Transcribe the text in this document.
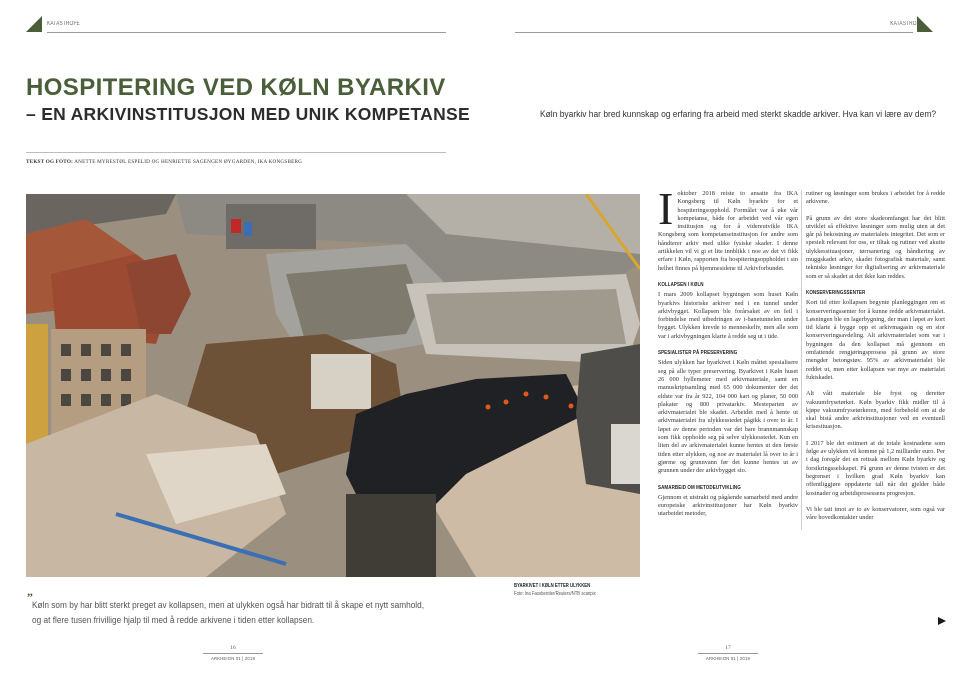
KATASTROFE
HOSPITERING VED KØLN BYARKIV
– EN ARKIVINSTITUSJON MED UNIK KOMPETANSE
TEKST OG FOTO: ANETTE MYRESTØL ESPELID OG HENRIETTE SAGENGEN ØYGARDEN, IKA KONGSBERG
„
Køln som by har blitt sterkt preget av kollapsen, men at ulykken også har bidratt til å skape et nytt samhold,
og at flere tusen frivillige hjalp til med å redde arkivene i tiden etter kollapsen.
16
ARKHEION 01 | 2019
KATASTROFE
Køln byarkiv har bred kunnskap og erfaring fra arbeid med sterkt skadde arkiver. Hva kan vi lære av dem?
BYARKIVET I KØLN ETTER ULYKKEN
Foto: Ina Fassbender/Reuters/NTB scanpix

I oktober 2018 reiste to ansatte fra IKA Kongsberg til Køln byarkiv for et hospiteringsopphold. Formålet var å øke vår kompetanse, både for arbeidet ved vår egen institusjon og for å videreutvikle IKA Kongsberg som kompetanseinstitusjon for andre som håndterer arkiv med ulike fysiske skader. I denne artikkelen vil vi gi et lite innblikk i noe av det vi fikk erfare i Køln, rapporten fra hospiteringsoppholdet i sin helhet finnes på hjemmesidene til Arkivforbundet.

KOLLAPSEN I KØLN

I mars 2009 kollapset bygningen som huset Køln byarkivs historiske arkiver ned i en tunnel under arkivbygget. Kollapsen ble forårsaket av en feil i forbindelse med utbedringen av t-banetunnelen under bygget. Ulykken krevde to menneskeliv, men alle som var i arkivbygningen klarte å redde seg ut i tide.

SPESIALISTER PÅ PRESERVERING

Siden ulykken har byarkivet i Køln måttet spesialisere seg på alle typer preservering. Byarkivet i Køln huset 26 000 hyllemeter med arkivmateriale, samt en manuskriptsamling med 65 000 dokumenter der det eldste var fra år 922, 104 000 kart og planer, 50 000 plakater og 800 privatarkiv. Mesteparten av arkivmaterialet ble skadet. Arbeidet med å hente ut arkivmaterialet fra ulykkesstedet pågikk i over to år. I løpet av denne perioden var det bare brannmannskap som fikk oppholde seg på selve ulykkesstedet. Kun en liten del av arkivmaterialet kunne hentes ut den første tiden etter ulykken, og noe av materialet lå over to år i gjørme og grunnvann før det kunne hentes ut av grunnen under der arkivbygget sto.

SAMARBEID OM METODEUTVIKLING

Gjennom et utstrakt og pågående samarbeid med andre europeiske arkivinstitusjoner har Køln byarkiv utarbeidet metoder,

rutiner og løsninger som brukes i arbeidet for å redde arkivene.

På grunn av det store skadeomfanget har det blitt utviklet så effektive løsninger som mulig uten at det går på bekostning av materialets integritet. Det som er spesielt relevant for oss, er tiltak og rutiner ved akutte ulykkessituasjoner, tørrsanering og håndtering av muggskadet arkiv, skadet fotografisk materiale, samt tekniske løsninger for digitalisering av arkivmateriale som er så skadet at det ikke kan reddes.

KONSERVERINGSSENTER

Kort tid etter kollapsen begynte planleggingen om et konserveringssenter for å kunne redde arkivmaterialet. Løsningen ble en lagerbygning, der man i løpet av kort tid klarte å bygge opp et arkivmagasin og en stor konserveringsavdeling. Alt arkivmaterialet som var i bygningen da den kollapset må gjennom en omfattende rengjøringsprosess på grunn av store mengder betongstøv. 95% av arkivmaterialet ble reddet ut, men etter kollapsen var mye av materialet fuktskadet.

Alt vått materiale ble fryst og deretter vakuumfrysetørket. Køln byarkiv fikk midler til å kjøpe vakuumfrysetørkeren, med forbehold om at de skal bistå andre arkivinstitusjoner ved en eventuell krisesituasjon.

I 2017 ble det estimert at de totale kostnadene som følge av ulykken vil komme på 1,2 milliarder euro. Per i dag foregår det en rettsak mellom Køln byarkiv og forsikringsselskapet. På grunn av denne tvisten er det begrenset i hvilken grad Køln byarkiv kan offentliggjøre oppdaterte tall når det gjelder både kostnader og arbeidsprosessens progresjon.

Vi ble tatt imot av to av konservatorer, som også var våre hovedkontakter under

17
ARKHEION 01 | 2019
